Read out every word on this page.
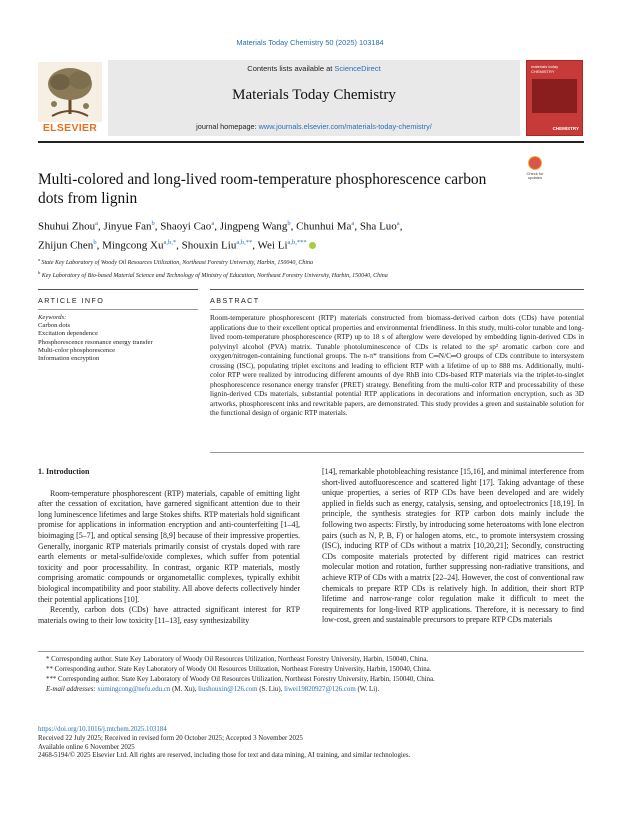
Materials Today Chemistry 50 (2025) 103184
ELSEVIER
Contents lists available at ScienceDirect
Materials Today Chemistry
journal homepage: www.journals.elsevier.com/materials-today-chemistry/
materials today CHEMISTRY
CHEMISTRY
Check for updates
Multi-colored and long-lived room-temperature phosphorescence carbon dots from lignin
Shuhui Zhou$^a$, Jinyue Fan$^b$, Shaoyi Cao$^a$, Jingpeng Wang$^b$, Chunhui Ma$^a$, Sha Luo$^a$,
Zhijun Chen$^b$, Mingcong $Xu^{a,b,*}$, Shouxin Liu$^{a,b,**}$, Wei $Li^{a,b,***}$
$^a$ State Key Laboratory of Woody Oil Resources Utilization, Northeast Forestry University, Harbin, 150040, China
$^b$ Key Laboratory of Bio-based Material Science and Technology of Ministry of Education, Northeast Forestry University, Harbin, 150040, China
ARTICLE INFO	ABSTRACT
Keywords:
Carbon dots
Excitation dependence
Phosphorescence resonance energy transfer
Multi-color phosphorescence
Information encryption
Room-temperature phosphorescent (RTP) materials constructed from biomass-derived carbon dots (CDs) have potential applications due to their excellent optical properties and environmental friendliness. In this study, multi-color tunable and long-lived room-temperature phosphorescence (RTP) up to 18 s of afterglow were developed by embedding lignin-derived CDs in polyvinyl alcohol (PVA) matrix. Tunable photoluminescence of CDs is related to the sp² aromatic carbon core and oxygen/nitrogen-containing functional groups. The n-π* transitions from C═N/C═O groups of CDs contribute to intersystem crossing (ISC), populating triplet excitons and leading to efficient RTP with a lifetime of up to 888 ms. Additionally, multi-color RTP were realized by introducing different amounts of dye RhB into CDs-based RTP materials via the triplet-to-singlet phosphorescence resonance energy transfer (PRET) strategy. Benefiting from the multi-color RTP and processability of these lignin-derived CDs materials, substantial potential RTP applications in decorations and information encryption, such as 3D artworks, phosphorescent inks and rewritable papers, are demonstrated. This study provides a green and sustainable solution for the functional design of organic RTP materials.
1. Introduction
Room-temperature phosphorescent (RTP) materials, capable of emitting light after the cessation of excitation, have garnered significant attention due to their long luminescence lifetimes and large Stokes shifts. RTP materials hold significant promise for applications in information encryption and anti-counterfeiting [1–4], bioimaging [5–7], and optical sensing [8,9] because of their impressive properties. Generally, inorganic RTP materials primarily consist of crystals doped with rare earth elements or metal-sulfide/oxide complexes, which suffer from potential toxicity and poor processability. In contrast, organic RTP materials, mostly comprising aromatic compounds or organometallic complexes, typically exhibit biological incompatibility and poor stability. All above defects collectively hinder their potential applications [10].
Recently, carbon dots (CDs) have attracted significant interest for RTP materials owing to their low toxicity [11–13], easy synthesizability
[14], remarkable photobleaching resistance [15,16], and minimal interference from short-lived autofluorescence and scattered light [17]. Taking advantage of these unique properties, a series of RTP CDs have been developed and are widely applied in fields such as energy, catalysis, sensing, and optoelectronics [18,19]. In principle, the synthesis strategies for RTP carbon dots mainly include the following two aspects: Firstly, by introducing some heteroatoms with lone electron pairs (such as N, P, B, F) or halogen atoms, etc., to promote intersystem crossing (ISC), inducing RTP of CDs without a matrix [10,20,21]; Secondly, constructing CDs composite materials protected by different rigid matrices can restrict molecular motion and rotation, further suppressing non-radiative transitions, and achieve RTP of CDs with a matrix [22–24]. However, the cost of conventional raw chemicals to prepare RTP CDs is relatively high. In addition, their short RTP lifetime and narrow-range color regulation make it difficult to meet the requirements for long-lived RTP applications. Therefore, it is necessary to find low-cost, green and sustainable precursors to prepare RTP CDs materials
* Corresponding author. State Key Laboratory of Woody Oil Resources Utilization, Northeast Forestry University, Harbin, 150040, China.
** Corresponding author. State Key Laboratory of Woody Oil Resources Utilization, Northeast Forestry University, Harbin, 150040, China.
*** Corresponding author. State Key Laboratory of Woody Oil Resources Utilization, Northeast Forestry University, Harbin, 150040, China.
E-mail addresses: xumingcong@nefu.edu.cn (M. Xu), liushouxin@126.com (S. Liu), liwei19820927@126.com (W. Li).
https://doi.org/10.1016/j.mtchem.2025.103184
Received 22 July 2025; Received in revised form 20 October 2025; Accepted 3 November 2025
Available online 6 November 2025
2468-5194/© 2025 Elsevier Ltd. All rights are reserved, including those for text and data mining, AI training, and similar technologies.
